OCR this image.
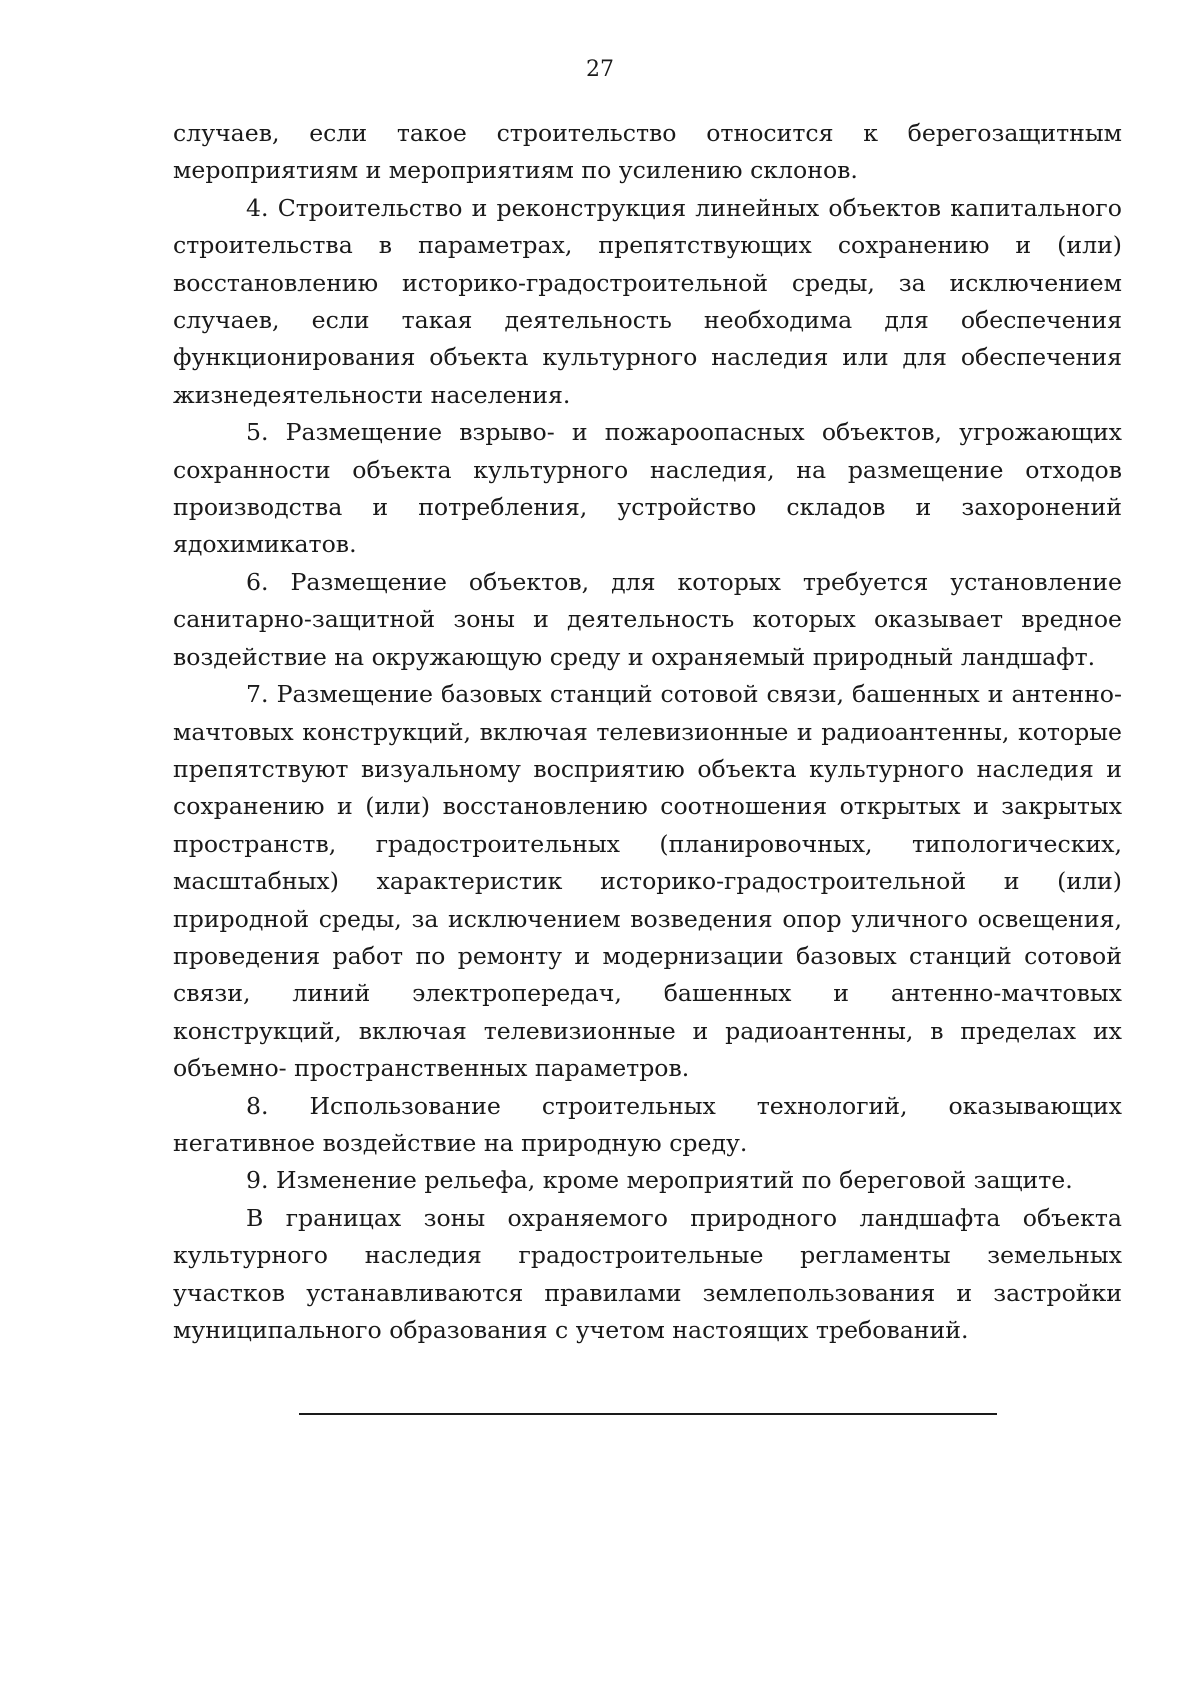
27

случаев, если такое строительство относится к берегозащитным мероприятиям и мероприятиям по усилению склонов.

4. Строительство и реконструкция линейных объектов капитального строительства в параметрах, препятствующих сохранению и (или) восстановлению историко-градостроительной среды, за исключением случаев, если такая деятельность необходима для обеспечения функционирования объекта культурного наследия или для обеспечения жизнедеятельности населения.

5. Размещение взрыво- и пожароопасных объектов, угрожающих сохранности объекта культурного наследия, на размещение отходов производства и потребления, устройство складов и захоронений ядохимикатов.

6. Размещение объектов, для которых требуется установление санитарно-защитной зоны и деятельность которых оказывает вредное воздействие на окружающую среду и охраняемый природный ландшафт.

7. Размещение базовых станций сотовой связи, башенных и антенно-мачтовых конструкций, включая телевизионные и радиоантенны, которые препятствуют визуальному восприятию объекта культурного наследия и сохранению и (или) восстановлению соотношения открытых и закрытых пространств, градостроительных (планировочных, типологических, масштабных) характеристик историко-градостроительной и (или) природной среды, за исключением возведения опор уличного освещения, проведения работ по ремонту и модернизации базовых станций сотовой связи, линий электропередач, башенных и антенно-мачтовых конструкций, включая телевизионные и радиоантенны, в пределах их объемно- пространственных параметров.

8. Использование строительных технологий, оказывающих негативное воздействие на природную среду.

9. Изменение рельефа, кроме мероприятий по береговой защите.

В границах зоны охраняемого природного ландшафта объекта культурного наследия градостроительные регламенты земельных участков устанавливаются правилами землепользования и застройки муниципального образования с учетом настоящих требований.
